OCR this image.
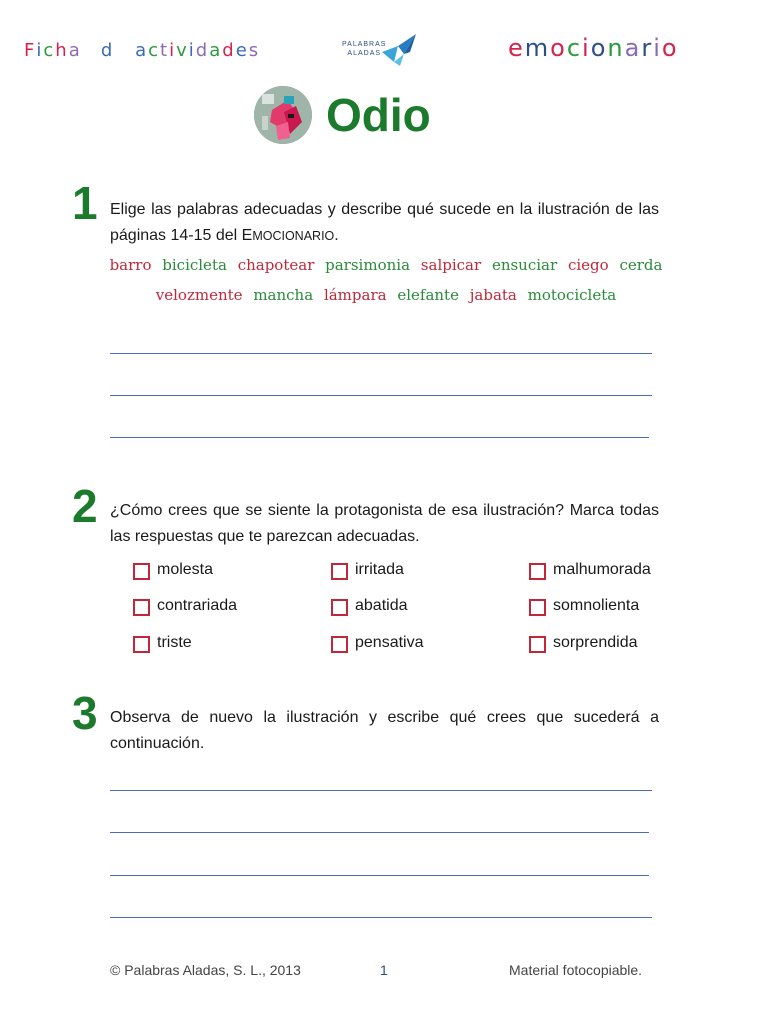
Fichas de actividades	PALABRAS
ALADAS	emocionario
Odio
1 Elige las palabras adecuadas y describe qué sucede en la ilustración de las páginas 14-15 del EMOCIONARIO.
barro bicicleta chapotear parsimonia salpicar ensuciar ciego cerda
velozmente mancha lámpara elefante jabata motocicleta
2 ¿Cómo crees que se siente la protagonista de esa ilustración? Marca todas las respuestas que te parezcan adecuadas.
molesta	irritada	malhumorada
contrariada	abatida	somnolienta
triste	pensativa	sorprendida
3 Observa de nuevo la ilustración y escribe qué crees que sucederá a continuación.
© Palabras Aladas, S. L., 2013	1	Material fotocopiable.
